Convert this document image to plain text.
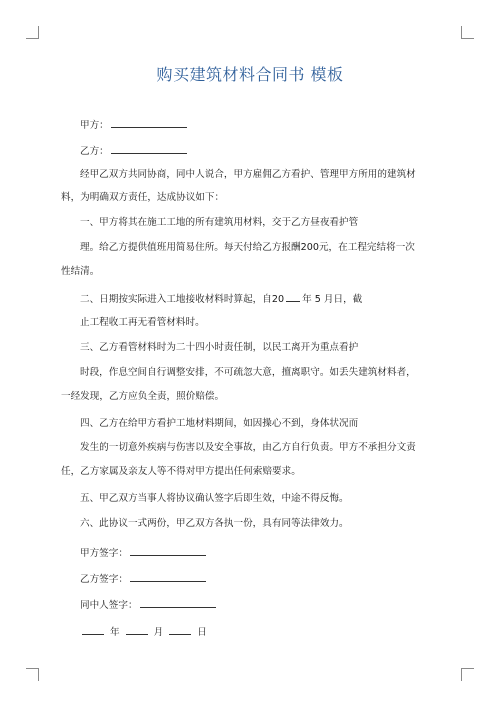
购买建筑材料合同书 模板
甲方：
乙方：
经甲乙双方共同协商，同中人说合，甲方雇佣乙方看护、管理甲方所用的建筑材
料，为明确双方责任，达成协议如下：
一、甲方将其在施工工地的所有建筑用材料，交于乙方昼夜看护管
理。给乙方提供值班用简易住所。每天付给乙方报酬200元，在工程完结将一次
性结清。
二、日期按实际进入工地接收材料时算起，自20 年 5 月日，截
止工程收工再无看管材料时。
三、乙方看管材料时为二十四小时责任制，以民工离开为重点看护
时段，作息空间自行调整安排，不可疏忽大意，擅离职守。如丢失建筑材料者，
一经发现，乙方应负全责，照价赔偿。
四、乙方在给甲方看护工地材料期间，如因操心不到，身体状况而
发生的一切意外疾病与伤害以及安全事故，由乙方自行负责。甲方不承担分文责
任，乙方家属及亲友人等不得对甲方提出任何索赔要求。
五、甲乙双方当事人将协议确认签字后即生效，中途不得反悔。
六、此协议一式两份，甲乙双方各执一份，具有同等法律效力。
甲方签字：
乙方签字：
同中人签字：
年	月	日
